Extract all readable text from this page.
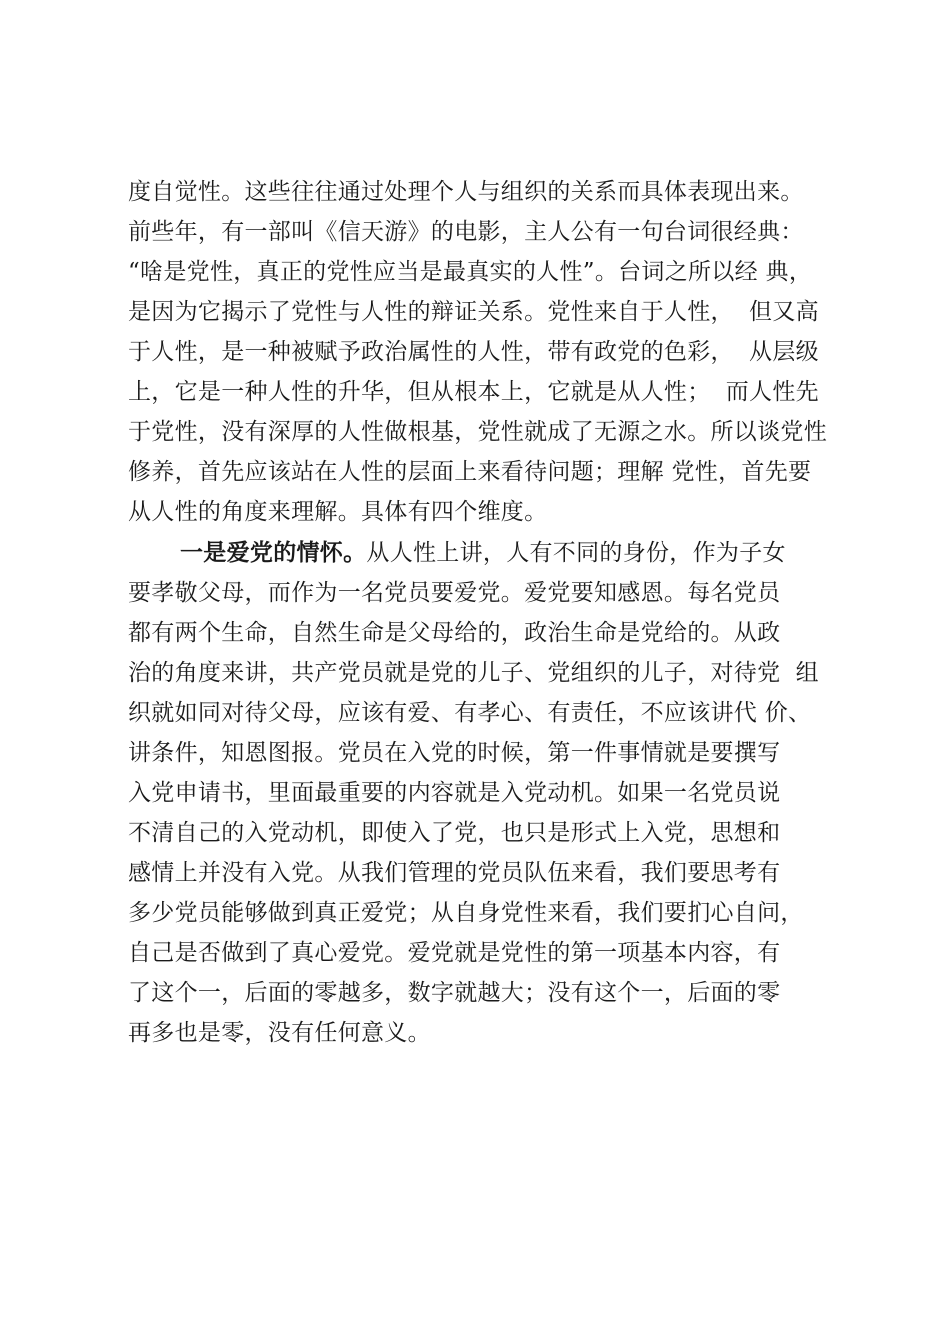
度自觉性。这些往往通过处理个人与组织的关系而具体表现出来。
前些年，有一部叫《信天游》的电影，主人公有一句台词很经典：
“啥是党性，真正的党性应当是最真实的人性”。台词之所以经 典，
是因为它揭示了党性与人性的辩证关系。党性来自于人性，  但又高
于人性，是一种被赋予政治属性的人性，带有政党的色彩，  从层级
上，它是一种人性的升华，但从根本上，它就是从人性；  而人性先
于党性，没有深厚的人性做根基，党性就成了无源之水。所以谈党性
修养，首先应该站在人性的层面上来看待问题；理解 党性，首先要
从人性的角度来理解。具体有四个维度。
一是爱党的情怀。从人性上讲，人有不同的身份，作为子女
要孝敬父母，而作为一名党员要爱党。爱党要知感恩。每名党员
都有两个生命，自然生命是父母给的，政治生命是党给的。从政
治的角度来讲，共产党员就是党的儿子、党组织的儿子，对待党  组
织就如同对待父母，应该有爱、有孝心、有责任，不应该讲代 价、
讲条件，知恩图报。党员在入党的时候，第一件事情就是要撰写
入党申请书，里面最重要的内容就是入党动机。如果一名党员说
不清自己的入党动机，即使入了党，也只是形式上入党，思想和
感情上并没有入党。从我们管理的党员队伍来看，我们要思考有
多少党员能够做到真正爱党；从自身党性来看，我们要扪心自问，
自己是否做到了真心爱党。爱党就是党性的第一项基本内容，有
了这个一，后面的零越多，数字就越大；没有这个一，后面的零
再多也是零，没有任何意义。
